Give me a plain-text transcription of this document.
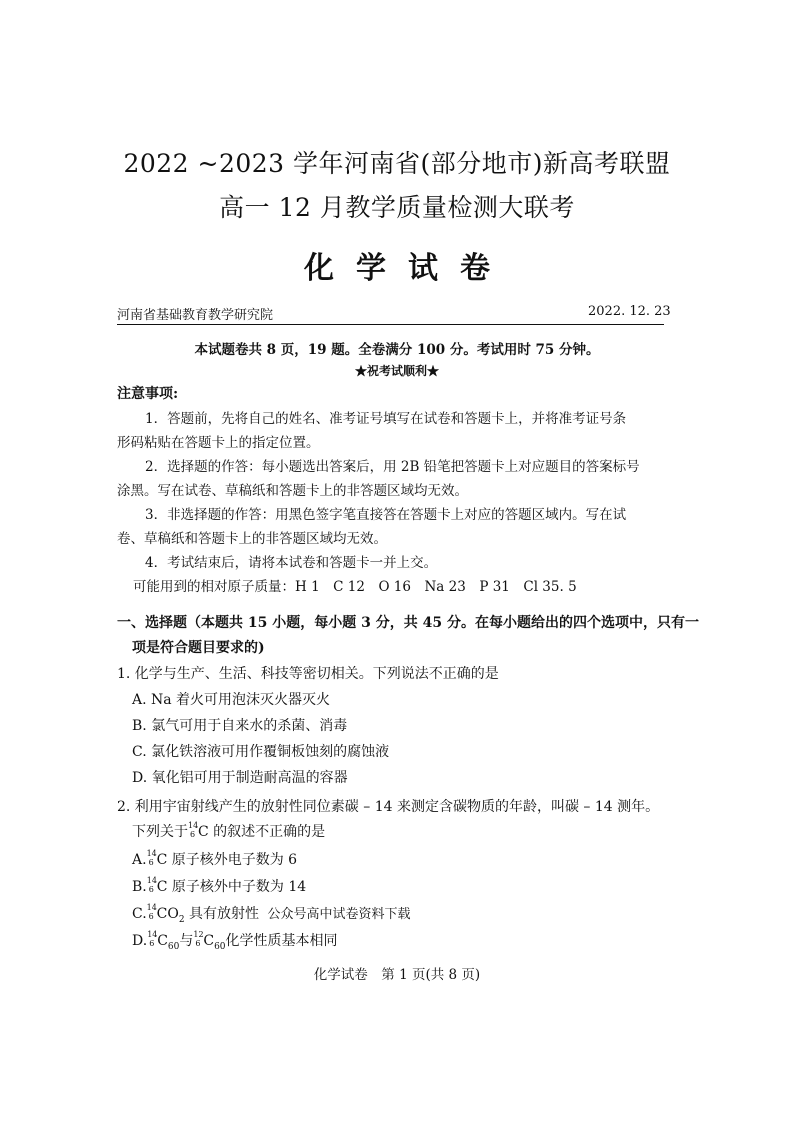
2022 ~2023 学年河南省(部分地市)新高考联盟
高一 12 月教学质量检测大联考
化学试卷
河南省基础教育教学研究院	2022. 12. 23
本试题卷共 8 页，19 题。全卷满分 100 分。考试用时 75 分钟。
★祝考试顺利★
注意事项:
1．答题前，先将自己的姓名、准考证号填写在试卷和答题卡上，并将准考证号条
形码粘贴在答题卡上的指定位置。
2．选择题的作答：每小题选出答案后，用 2B 铅笔把答题卡上对应题目的答案标号
涂黑。写在试卷、草稿纸和答题卡上的非答题区域均无效。
3．非选择题的作答：用黑色签字笔直接答在答题卡上对应的答题区域内。写在试
卷、草稿纸和答题卡上的非答题区域均无效。
4．考试结束后，请将本试卷和答题卡一并上交。
可能用到的相对原子质量：H 1　C 12　O 16　Na 23　P 31　Cl 35. 5
一、选择题（本题共 15 小题，每小题 3 分，共 45 分。在每小题给出的四个选项中，只有一
项是符合题目要求的)
1. 化学与生产、生活、科技等密切相关。下列说法不正确的是
A. Na 着火可用泡沫灭火器灭火
B. 氯气可用于自来水的杀菌、消毒
C. 氯化铁溶液可用作覆铜板蚀刻的腐蚀液
D. 氧化铝可用于制造耐高温的容器
2. 利用宇宙射线产生的放射性同位素碳 – 14 来测定含碳物质的年龄，叫碳 – 14 测年。
下列关于 14
6 C 的叙述不正确的是
A. 14
6 C 原子核外电子数为 6
B. 14
6 C 原子核外中子数为 14
C. 14
6 $CO_2$ 具有放射性 公众号高中试卷资料下载
D. 14
6 $C_{60}$与 12
6 $C_{60}$化学性质基本相同
化学试卷　第 1 页(共 8 页)
